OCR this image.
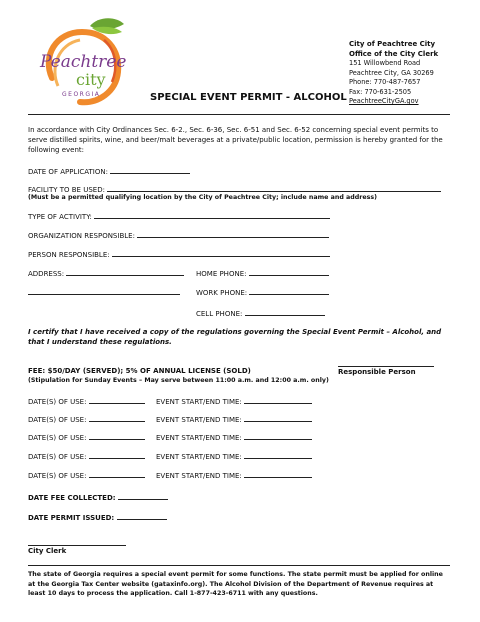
Peachtree
city
GEORGIA
City of Peachtree City
Office of the City Clerk
151 Willowbend Road
Peachtree City, GA 30269
Phone: 770-487-7657
Fax: 770-631-2505
PeachtreeCityGA.gov
SPECIAL EVENT PERMIT - ALCOHOL
In accordance with City Ordinances Sec. 6-2., Sec. 6-36, Sec. 6-51 and Sec. 6-52 concerning special event permits to serve distilled spirits, wine, and beer/malt beverages at a private/public location, permission is hereby granted for the following event:
DATE OF APPLICATION:
FACILITY TO BE USED:
(Must be a permitted qualifying location by the City of Peachtree City; include name and address)
TYPE OF ACTIVITY:
ORGANIZATION RESPONSIBLE:
PERSON RESPONSIBLE:
ADDRESS:	HOME PHONE:
WORK PHONE:
CELL PHONE:
I certify that I have received a copy of the regulations governing the Special Event Permit – Alcohol, and that I understand these regulations.
Responsible Person
FEE: $50/DAY (SERVED); 5% OF ANNUAL LICENSE (SOLD)
(Stipulation for Sunday Events – May serve between 11:00 a.m. and 12:00 a.m. only)
DATE(S) OF USE:	EVENT START/END TIME:
DATE(S) OF USE:	EVENT START/END TIME:
DATE(S) OF USE:	EVENT START/END TIME:
DATE(S) OF USE:	EVENT START/END TIME:
DATE(S) OF USE:	EVENT START/END TIME:
DATE FEE COLLECTED:
DATE PERMIT ISSUED:
City Clerk
The state of Georgia requires a special event permit for some functions. The state permit must be applied for online at the Georgia Tax Center website (gataxinfo.org). The Alcohol Division of the Department of Revenue requires at least 10 days to process the application. Call 1-877-423-6711 with any questions.
